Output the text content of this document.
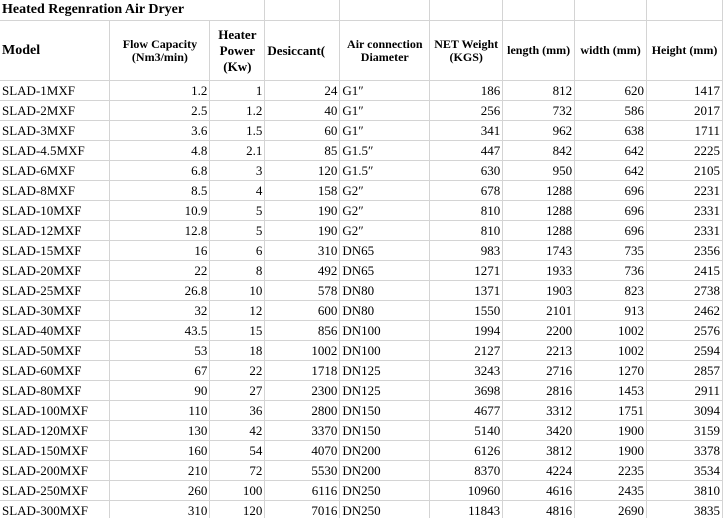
Heated Regenration Air Dryer								
Model	Flow Capacity (Nm3/min)	Heater Power (Kw)	Desiccant(	Air connection Diameter	NET Weight (KGS)	length (mm)	width (mm)	Height (mm)
SLAD-1MXF	1.2	1	24	G1″	186	812	620	1417
SLAD-2MXF	2.5	1.2	40	G1″	256	732	586	2017
SLAD-3MXF	3.6	1.5	60	G1″	341	962	638	1711
SLAD-4.5MXF	4.8	2.1	85	G1.5″	447	842	642	2225
SLAD-6MXF	6.8	3	120	G1.5″	630	950	642	2105
SLAD-8MXF	8.5	4	158	G2″	678	1288	696	2231
SLAD-10MXF	10.9	5	190	G2″	810	1288	696	2331
SLAD-12MXF	12.8	5	190	G2″	810	1288	696	2331
SLAD-15MXF	16	6	310	DN65	983	1743	735	2356
SLAD-20MXF	22	8	492	DN65	1271	1933	736	2415
SLAD-25MXF	26.8	10	578	DN80	1371	1903	823	2738
SLAD-30MXF	32	12	600	DN80	1550	2101	913	2462
SLAD-40MXF	43.5	15	856	DN100	1994	2200	1002	2576
SLAD-50MXF	53	18	1002	DN100	2127	2213	1002	2594
SLAD-60MXF	67	22	1718	DN125	3243	2716	1270	2857
SLAD-80MXF	90	27	2300	DN125	3698	2816	1453	2911
SLAD-100MXF	110	36	2800	DN150	4677	3312	1751	3094
SLAD-120MXF	130	42	3370	DN150	5140	3420	1900	3159
SLAD-150MXF	160	54	4070	DN200	6126	3812	1900	3378
SLAD-200MXF	210	72	5530	DN200	8370	4224	2235	3534
SLAD-250MXF	260	100	6116	DN250	10960	4616	2435	3810
SLAD-300MXF	310	120	7016	DN250	11843	4816	2690	3835
